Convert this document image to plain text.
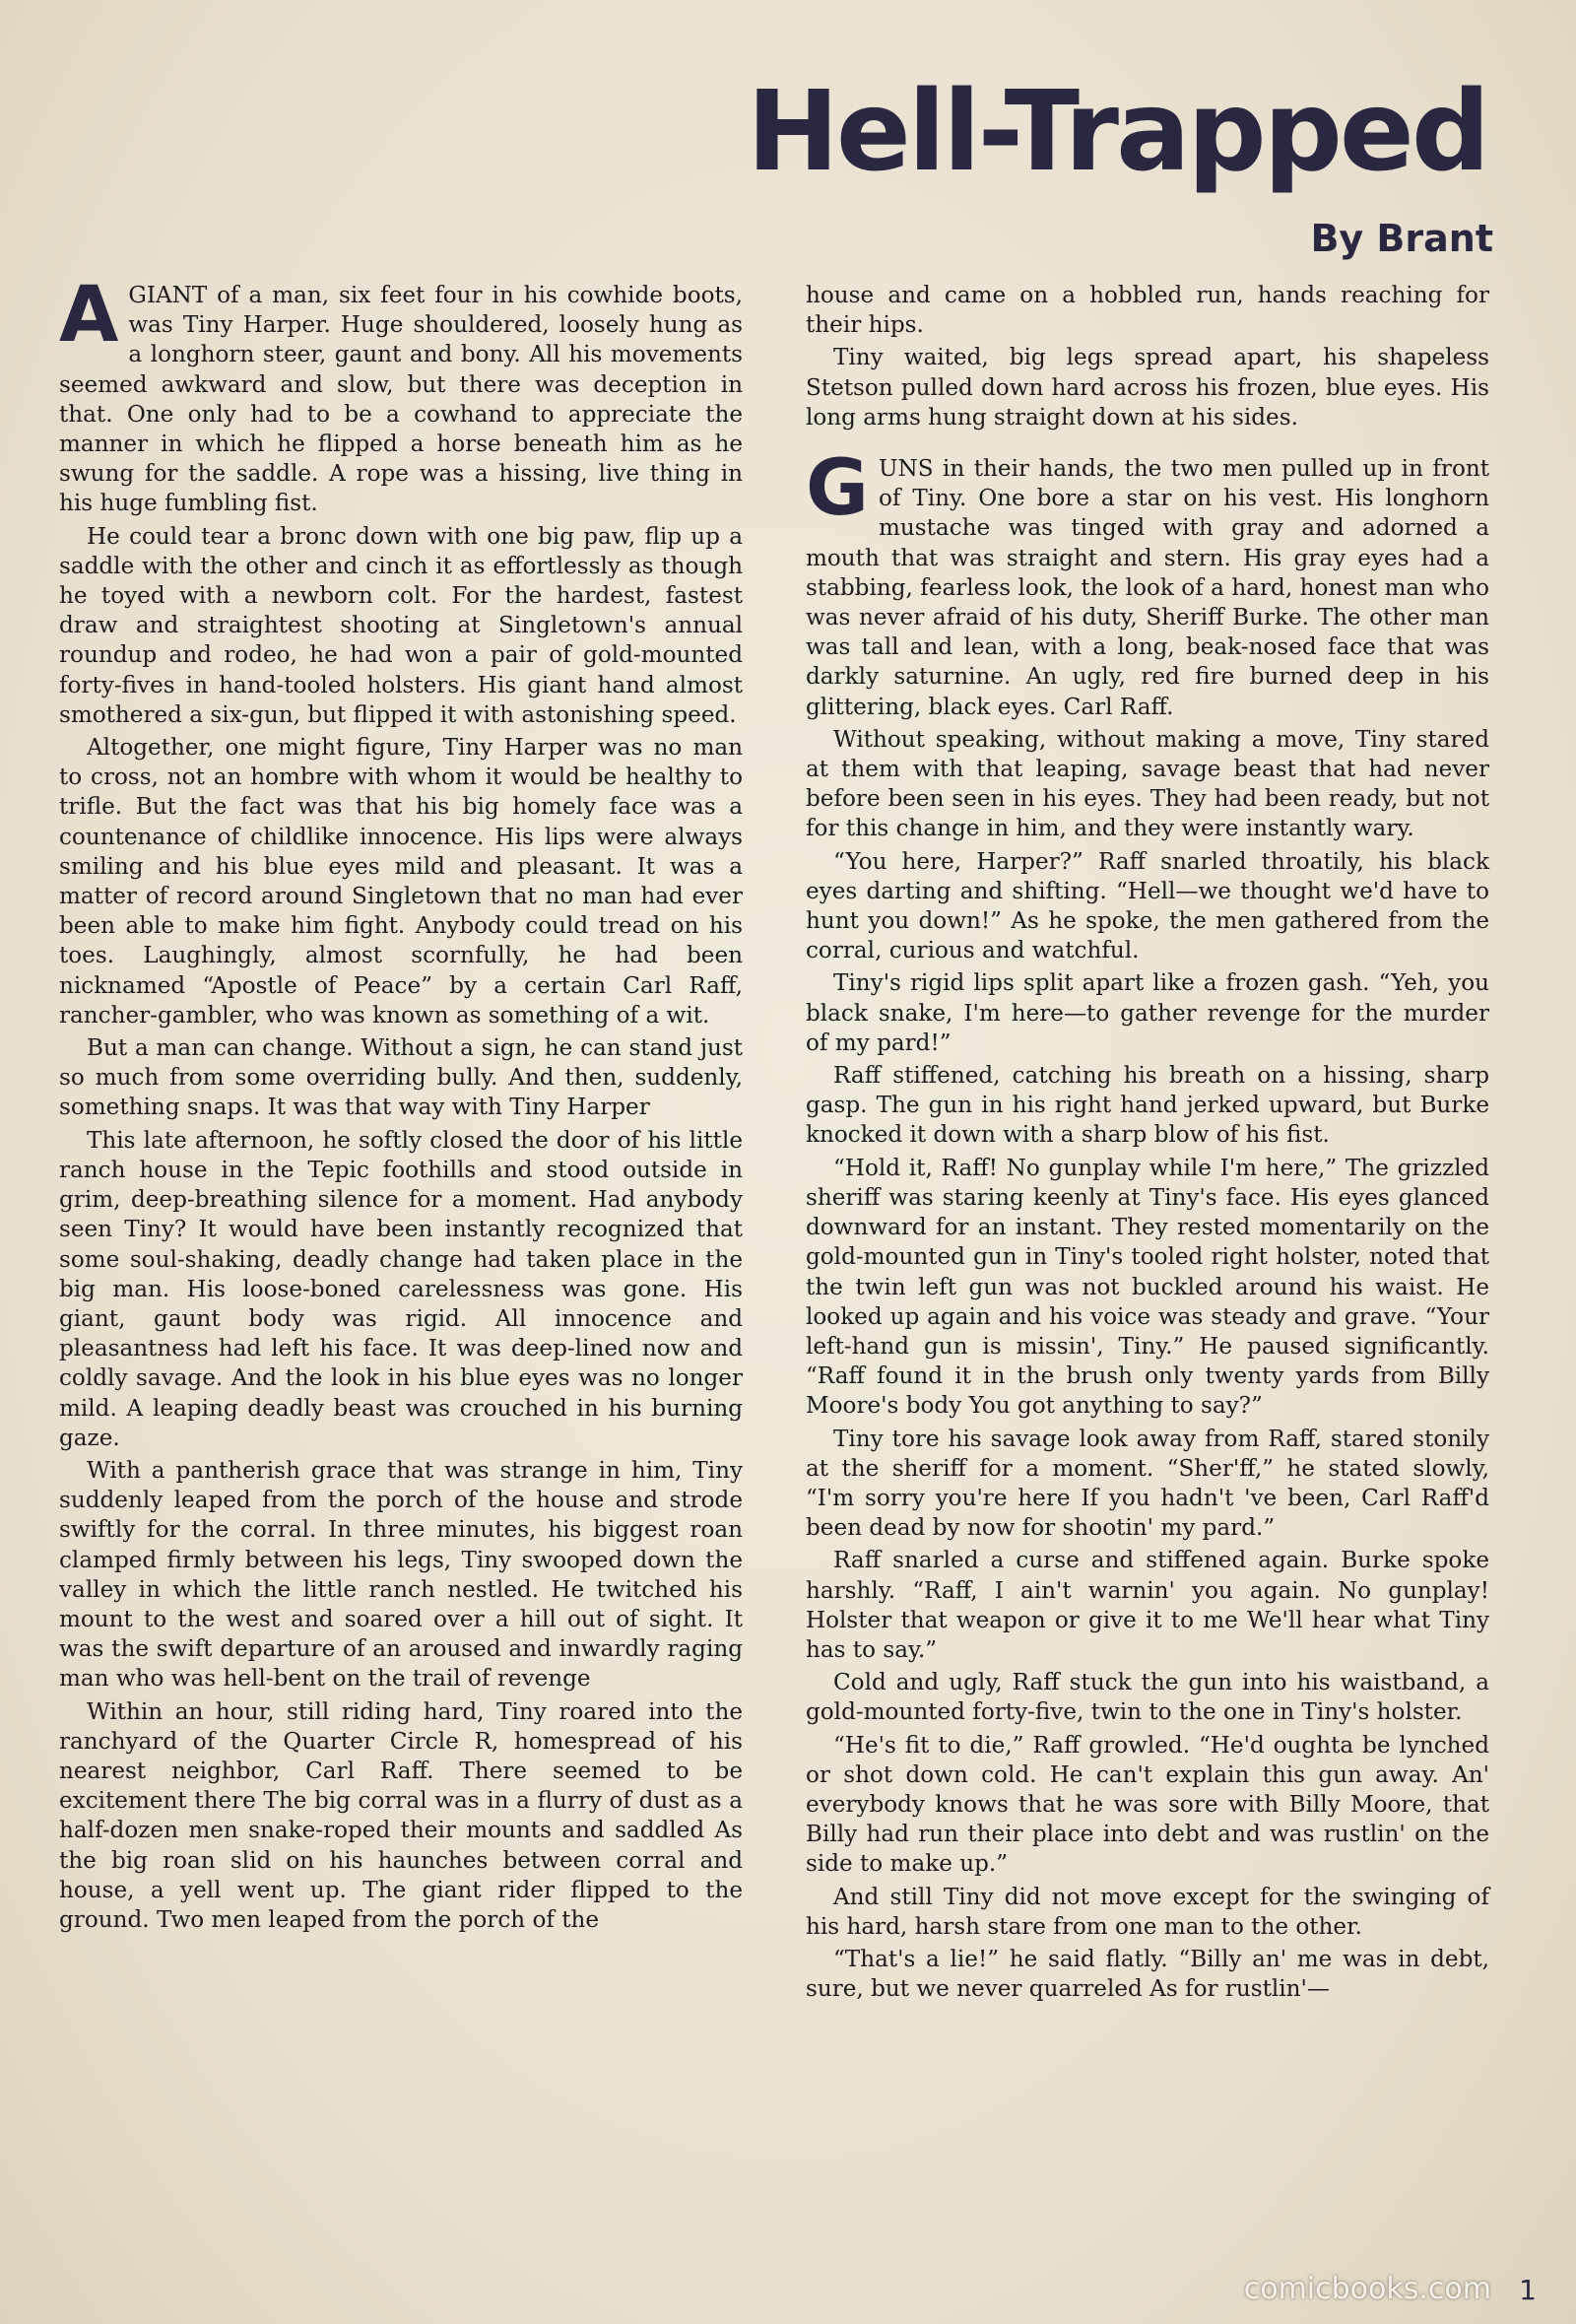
Hell-Trapped
By Brant

A GIANT of a man, six feet four in his cowhide boots, was Tiny Harper. Huge shouldered, loosely hung as a longhorn steer, gaunt and bony. All his movements seemed awkward and slow, but there was deception in that. One only had to be a cowhand to appreciate the manner in which he flipped a horse beneath him as he swung for the saddle. A rope was a hissing, live thing in his huge fumbling fist.

He could tear a bronc down with one big paw, flip up a saddle with the other and cinch it as effortlessly as though he toyed with a newborn colt. For the hardest, fastest draw and straightest shooting at Singletown's annual roundup and rodeo, he had won a pair of gold-mounted forty-fives in hand-tooled holsters. His giant hand almost smothered a six-gun, but flipped it with astonishing speed.

Altogether, one might figure, Tiny Harper was no man to cross, not an hombre with whom it would be healthy to trifle. But the fact was that his big homely face was a countenance of childlike innocence. His lips were always smiling and his blue eyes mild and pleasant. It was a matter of record around Singletown that no man had ever been able to make him fight. Anybody could tread on his toes. Laughingly, almost scornfully, he had been nicknamed “Apostle of Peace” by a certain Carl Raff, rancher-gambler, who was known as something of a wit.

But a man can change. Without a sign, he can stand just so much from some overriding bully. And then, suddenly, something snaps. It was that way with Tiny Harper

This late afternoon, he softly closed the door of his little ranch house in the Tepic foothills and stood outside in grim, deep-breathing silence for a moment. Had anybody seen Tiny? It would have been instantly recognized that some soul-shaking, deadly change had taken place in the big man. His loose-boned carelessness was gone. His giant, gaunt body was rigid. All innocence and pleasantness had left his face. It was deep-lined now and coldly savage. And the look in his blue eyes was no longer mild. A leaping deadly beast was crouched in his burning gaze.

With a pantherish grace that was strange in him, Tiny suddenly leaped from the porch of the house and strode swiftly for the corral. In three minutes, his biggest roan clamped firmly between his legs, Tiny swooped down the valley in which the little ranch nestled. He twitched his mount to the west and soared over a hill out of sight. It was the swift departure of an aroused and inwardly raging man who was hell-bent on the trail of revenge

Within an hour, still riding hard, Tiny roared into the ranchyard of the Quarter Circle R, homespread of his nearest neighbor, Carl Raff. There seemed to be excitement there The big corral was in a flurry of dust as a half-dozen men snake-roped their mounts and saddled As the big roan slid on his haunches between corral and house, a yell went up. The giant rider flipped to the ground. Two men leaped from the porch of the

house and came on a hobbled run, hands reaching for their hips.

Tiny waited, big legs spread apart, his shapeless Stetson pulled down hard across his frozen, blue eyes. His long arms hung straight down at his sides.

GUNS in their hands, the two men pulled up in front of Tiny. One bore a star on his vest. His longhorn mustache was tinged with gray and adorned a mouth that was straight and stern. His gray eyes had a stabbing, fearless look, the look of a hard, honest man who was never afraid of his duty, Sheriff Burke. The other man was tall and lean, with a long, beak-nosed face that was darkly saturnine. An ugly, red fire burned deep in his glittering, black eyes. Carl Raff.

Without speaking, without making a move, Tiny stared at them with that leaping, savage beast that had never before been seen in his eyes. They had been ready, but not for this change in him, and they were instantly wary.

“You here, Harper?” Raff snarled throatily, his black eyes darting and shifting. “Hell—we thought we'd have to hunt you down!” As he spoke, the men gathered from the corral, curious and watchful.

Tiny's rigid lips split apart like a frozen gash. “Yeh, you black snake, I'm here—to gather revenge for the murder of my pard!”

Raff stiffened, catching his breath on a hissing, sharp gasp. The gun in his right hand jerked upward, but Burke knocked it down with a sharp blow of his fist.

“Hold it, Raff! No gunplay while I'm here,” The grizzled sheriff was staring keenly at Tiny's face. His eyes glanced downward for an instant. They rested momentarily on the gold-mounted gun in Tiny's tooled right holster, noted that the twin left gun was not buckled around his waist. He looked up again and his voice was steady and grave. “Your left-hand gun is missin', Tiny.” He paused significantly. “Raff found it in the brush only twenty yards from Billy Moore's body You got anything to say?”

Tiny tore his savage look away from Raff, stared stonily at the sheriff for a moment. “Sher'ff,” he stated slowly, “I'm sorry you're here If you hadn't 've been, Carl Raff'd been dead by now for shootin' my pard.”

Raff snarled a curse and stiffened again. Burke spoke harshly. “Raff, I ain't warnin' you again. No gunplay! Holster that weapon or give it to me We'll hear what Tiny has to say.”

Cold and ugly, Raff stuck the gun into his waistband, a gold-mounted forty-five, twin to the one in Tiny's holster.

“He's fit to die,” Raff growled. “He'd oughta be lynched or shot down cold. He can't explain this gun away. An' everybody knows that he was sore with Billy Moore, that Billy had run their place into debt and was rustlin' on the side to make up.”

And still Tiny did not move except for the swinging of his hard, harsh stare from one man to the other.

“That's a lie!” he said flatly. “Billy an' me was in debt, sure, but we never quarreled As for rustlin'—

comicbooks.com 1
